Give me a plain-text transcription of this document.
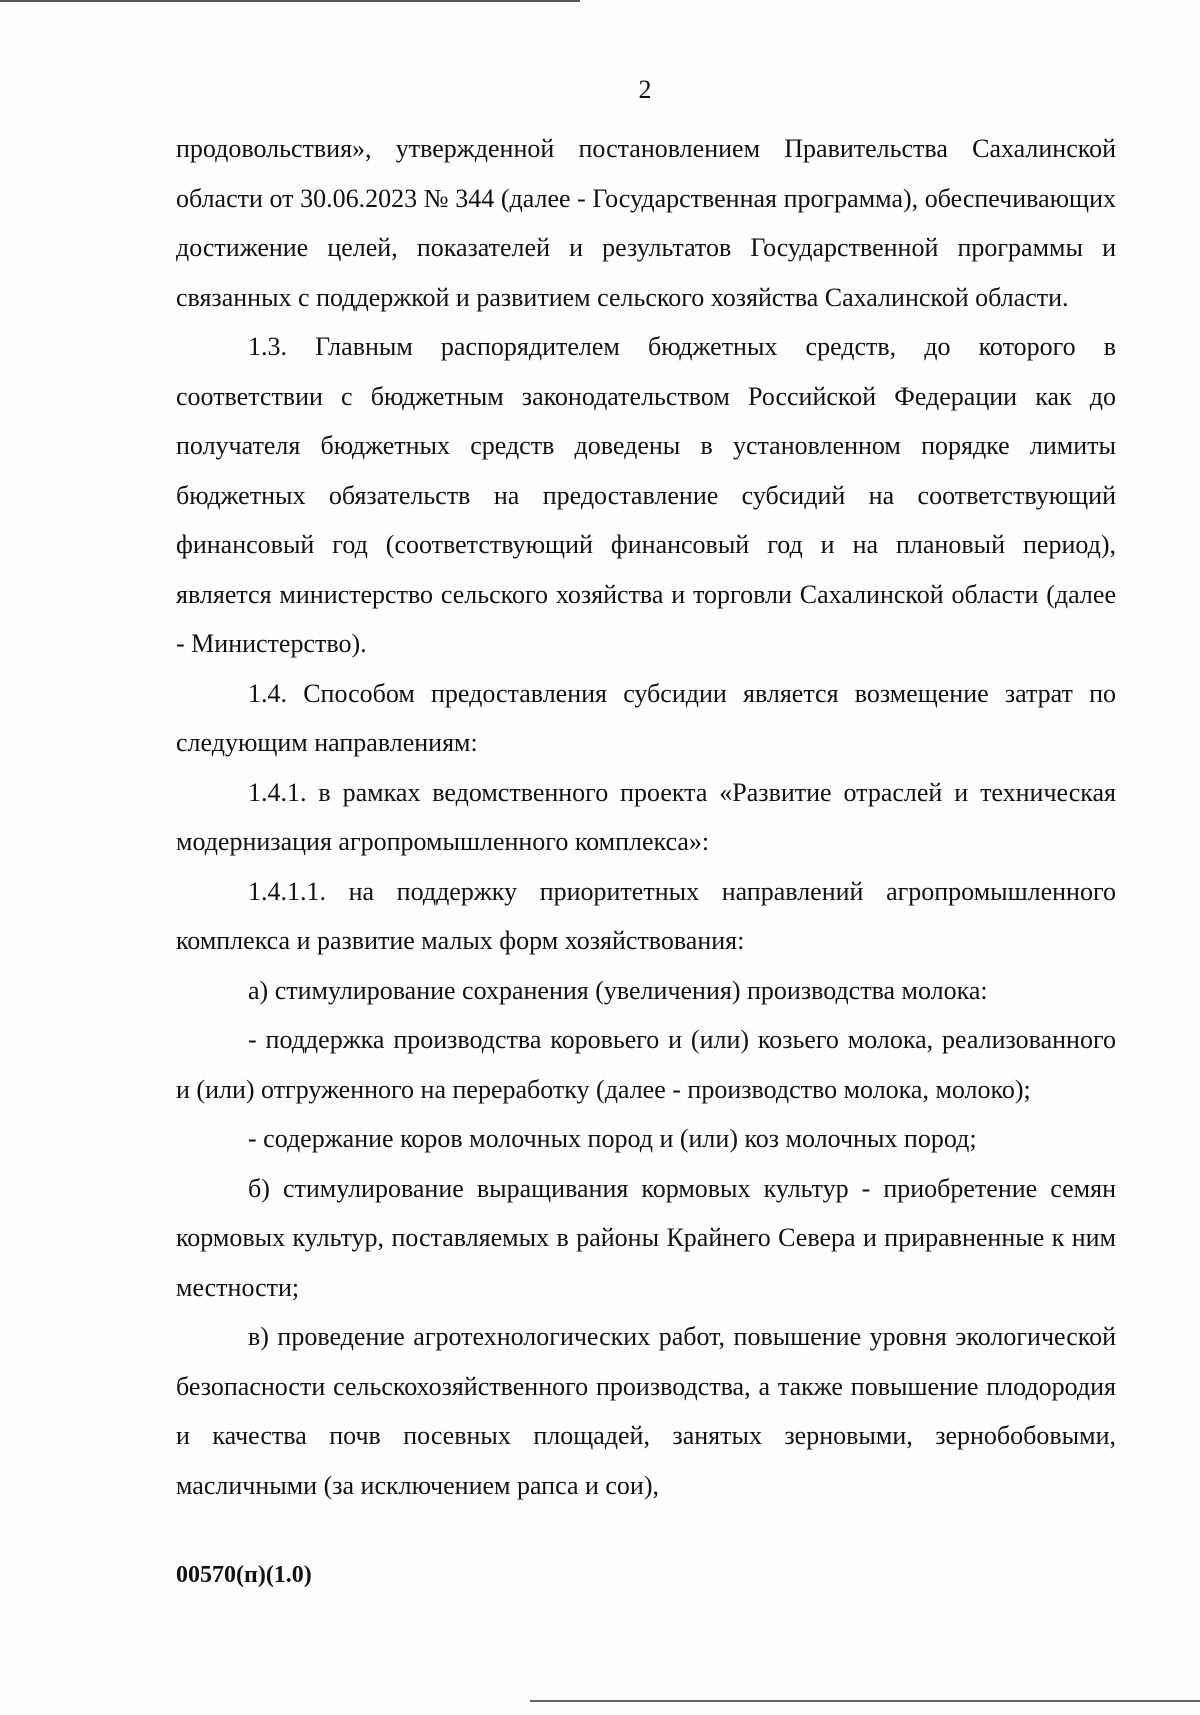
2

продовольствия», утвержденной постановлением Правительства Сахалинской области от 30.06.2023 № 344 (далее - Государственная программа), обеспечивающих достижение целей, показателей и результатов Государственной программы и связанных с поддержкой и развитием сельского хозяйства Сахалинской области.

1.3. Главным распорядителем бюджетных средств, до которого в соответствии с бюджетным законодательством Российской Федерации как до получателя бюджетных средств доведены в установленном порядке лимиты бюджетных обязательств на предоставление субсидий на соответствующий финансовый год (соответствующий финансовый год и на плановый период), является министерство сельского хозяйства и торговли Сахалинской области (далее - Министерство).

1.4. Способом предоставления субсидии является возмещение затрат по следующим направлениям:

1.4.1. в рамках ведомственного проекта «Развитие отраслей и техническая модернизация агропромышленного комплекса»:

1.4.1.1. на поддержку приоритетных направлений агропромышленного комплекса и развитие малых форм хозяйствования:

а) стимулирование сохранения (увеличения) производства молока:

- поддержка производства коровьего и (или) козьего молока, реализованного и (или) отгруженного на переработку (далее - производство молока, молоко);

- содержание коров молочных пород и (или) коз молочных пород;

б) стимулирование выращивания кормовых культур - приобретение семян кормовых культур, поставляемых в районы Крайнего Севера и приравненные к ним местности;

в) проведение агротехнологических работ, повышение уровня экологической безопасности сельскохозяйственного производства, а также повышение плодородия и качества почв посевных площадей, занятых зерновыми, зернобобовыми, масличными (за исключением рапса и сои),

00570(п)(1.0)
